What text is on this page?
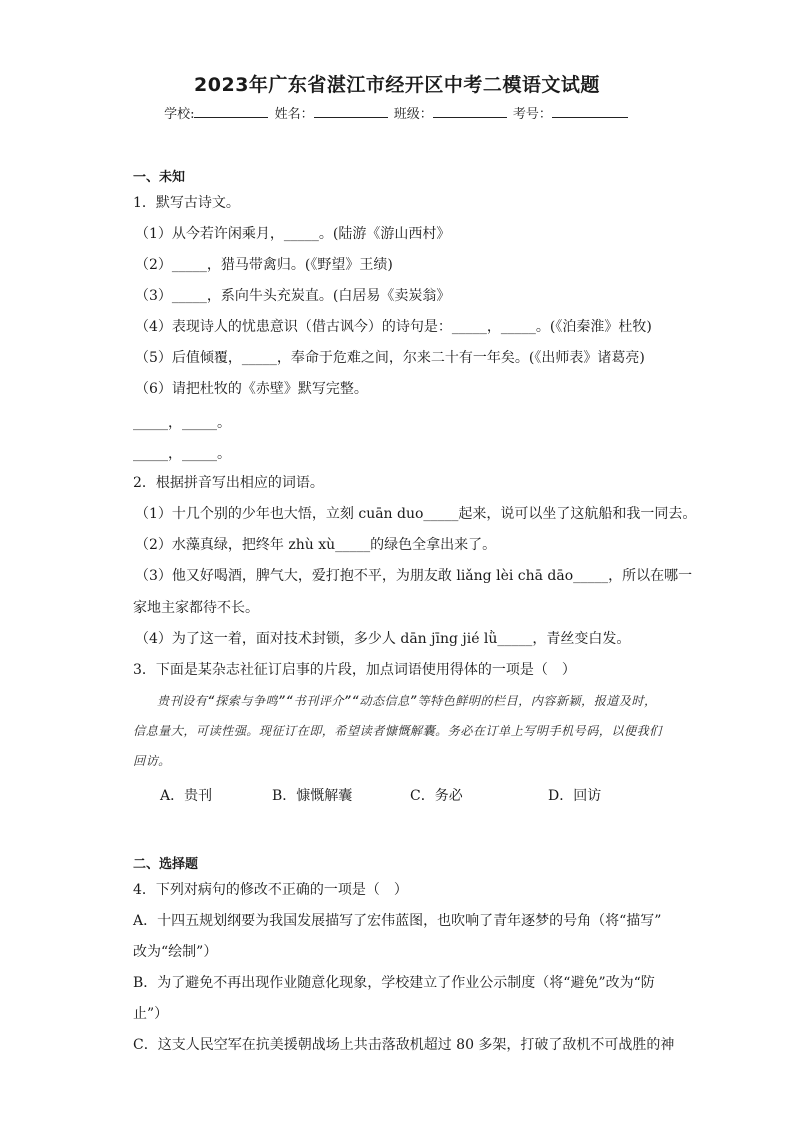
2023年广东省湛江市经开区中考二模语文试题
学校:	姓名：	班级：	考号：
一、未知
1．默写古诗文。
（1）从今若许闲乘月，_____。(陆游《游山西村》
（2）_____，猎马带禽归。(《野望》王绩)
（3）_____，系向牛头充炭直。(白居易《卖炭翁》
（4）表现诗人的忧患意识（借古讽今）的诗句是：_____，_____。(《泊秦淮》杜牧)
（5）后值倾覆，_____，奉命于危难之间，尔来二十有一年矣。(《出师表》诸葛亮)
（6）请把杜牧的《赤壁》默写完整。
_____，_____。
_____，_____。
2．根据拼音写出相应的词语。
（1）十几个别的少年也大悟，立刻 cuān duo_____起来，说可以坐了这航船和我一同去。
（2）水藻真绿，把终年 zhù xù_____的绿色全拿出来了。
（3）他又好喝酒，脾气大，爱打抱不平，为朋友敢 liǎng lèi chā dāo_____，所以在哪一
家地主家都待不长。
（4）为了这一着，面对技术封锁，多少人 dān jīng jié lǜ_____，青丝变白发。
3．下面是某杂志社征订启事的片段，加点词语使用得体的一项是（　）
贵刊设有“探索与争鸣”“书刊评介”“动态信息”等特色鲜明的栏目，内容新颖，报道及时，信息量大，可读性强。现征订在即，希望读者慷慨解囊。务必在订单上写明手机号码，以便我们回访。
A．贵刊	B．慷慨解囊	C．务必	D．回访
二、选择题
4．下列对病句的修改不正确的一项是（　）
A．十四五规划纲要为我国发展描写了宏伟蓝图，也吹响了青年逐梦的号角（将“描写”
改为“绘制”）
B．为了避免不再出现作业随意化现象，学校建立了作业公示制度（将“避免”改为“防
止”）
C．这支人民空军在抗美援朝战场上共击落敌机超过 80 多架，打破了敌机不可战胜的神
